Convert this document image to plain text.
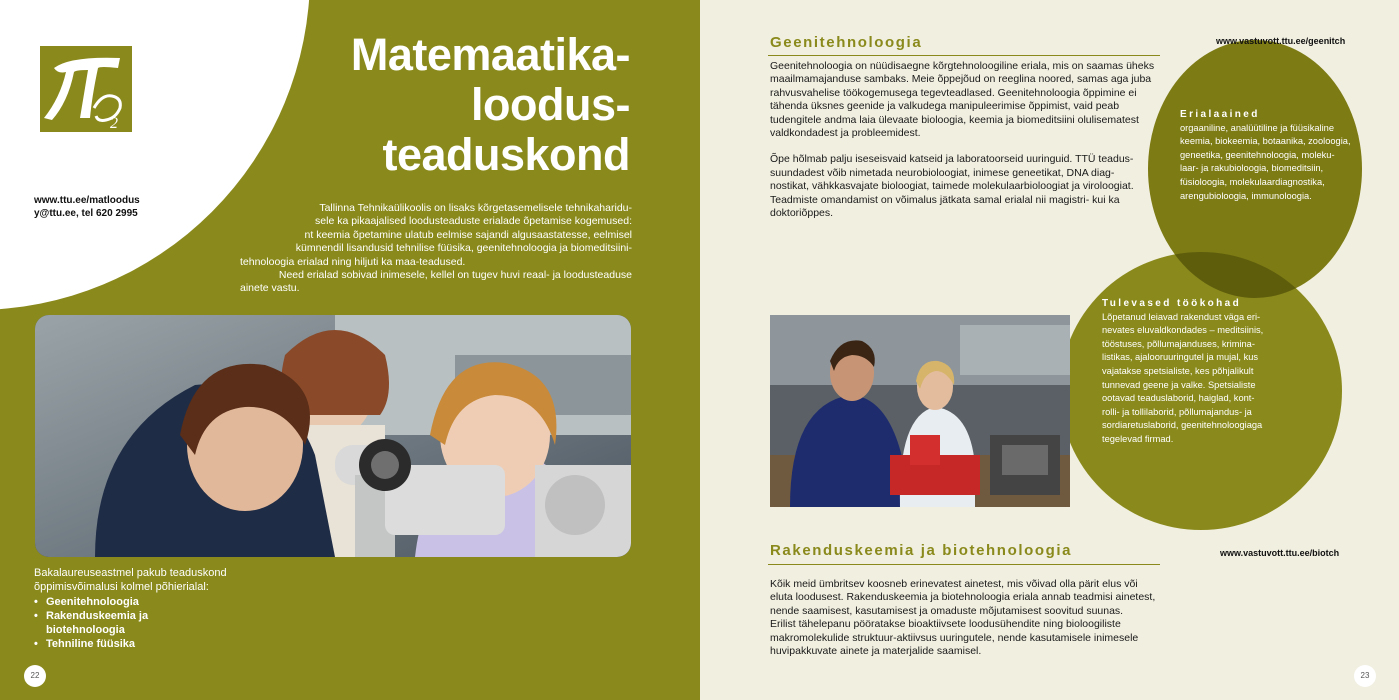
2
www.ttu.ee/matloodus
y@ttu.ee, tel 620 2995
Matemaatika-
loodus-
teaduskond
Tallinna Tehnikaülikoolis on lisaks kõrgetasemelisele tehnikaharidu-
sele ka pikaajalised loodusteaduste erialade õpetamise kogemused:
nt keemia õpetamine ulatub eelmise sajandi algusaastatesse, eelmisel
kümnendil lisandusid tehnilise füüsika, geenitehnoloogia ja biomeditsiini-
tehnoloogia erialad ning hiljuti ka maa-teadused.
Need erialad sobivad inimesele, kellel on tugev huvi reaal- ja loodusteaduse
ainete vastu.
Bakalaureuseastmel pakub teaduskond
õppimisvõimalusi kolmel põhierialal:
• Geenitehnoloogia
• Rakenduskeemia ja
biotehnoloogia
• Tehniline füüsika
22
Geenitehnoloogia	www.vastuvott.ttu.ee/geenitch
Geenitehnoloogia on nüüdisaegne kõrgtehnoloogiline eriala, mis on saamas üheks
maailmamajanduse sambaks. Meie õppejõud on reeglina noored, samas aga juba
rahvusvahelise töökogemusega tegevteadlased. Geenitehnoloogia õppimine ei
tähenda üksnes geenide ja valkudega manipuleerimise õppimist, vaid peab
tudengitele andma laia ülevaate bioloogia, keemia ja biomeditsiini olulisematest
valdkondadest ja probleemidest.
Õpe hõlmab palju iseseisvaid katseid ja laboratoorseid uuringuid. TTÜ teadus-
suundadest võib nimetada neurobioloogiat, inimese geneetikat, DNA diag-
nostikat, vähkkasvajate bioloogiat, taimede molekulaarbioloogiat ja viroloogiat.
Teadmiste omandamist on võimalus jätkata samal erialal nii magistri- kui ka
doktoriõppes.
Erialaained
orgaaniline, analüütiline ja füüsikaline
keemia, biokeemia, botaanika, zooloogia,
geneetika, geenitehnoloogia, moleku-
laar- ja rakubioloogia, biomeditsiin,
füsioloogia, molekulaardiagnostika,
arengubioloogia, immunoloogia.
Tulevased töökohad
Lõpetanud leiavad rakendust väga eri-
nevates eluvaldkondades – meditsiinis,
tööstuses, põllumajanduses, krimina-
listikas, ajalooruuringutel ja mujal, kus
vajatakse spetsialiste, kes põhjalikult
tunnevad geene ja valke. Spetsialiste
ootavad teaduslaborid, haiglad, kont-
rolli- ja tollilaborid, põllumajandus- ja
sordiaretuslaborid, geenitehnoloogiaga
tegelevad firmad.
Rakenduskeemia ja biotehnoloogia	www.vastuvott.ttu.ee/biotch
Kõik meid ümbritsev koosneb erinevatest ainetest, mis võivad olla pärit elus või
eluta loodusest. Rakenduskeemia ja biotehnoloogia eriala annab teadmisi ainetest,
nende saamisest, kasutamisest ja omaduste mõjutamisest soovitud suunas.
Erilist tähelepanu pööratakse bioaktiivsete loodusühendite ning bioloogiliste
makromolekulide struktuur-aktiivsus uuringutele, nende kasutamisele inimesele
huvipakkuvate ainete ja materjalide saamisel.
23
